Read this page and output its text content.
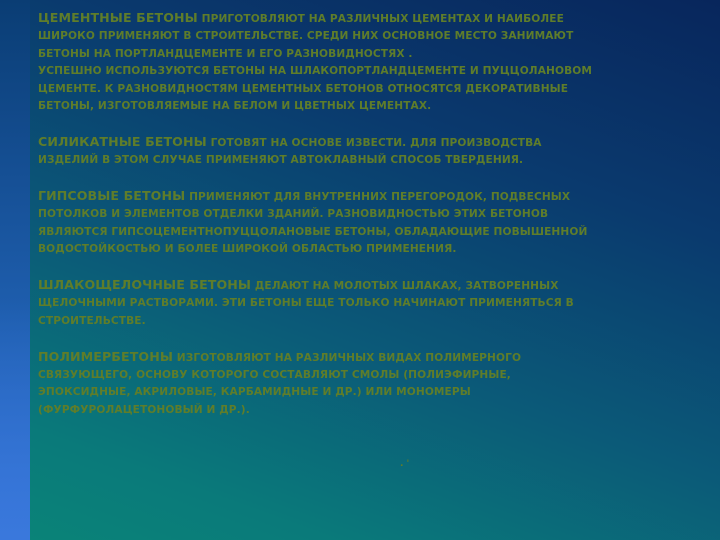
ЦЕМЕНТНЫЕ БЕТОНЫ ПРИГОТОВЛЯЮТ НА РАЗЛИЧНЫХ ЦЕМЕНТАХ И НАИБОЛЕЕ ШИРОКО ПРИМЕНЯЮТ В СТРОИТЕЛЬСТВЕ. СРЕДИ НИХ ОСНОВНОЕ МЕСТО ЗАНИМАЮТ БЕТОНЫ НА ПОРТЛАНДЦЕМЕНТЕ И ЕГО РАЗНОВИДНОСТЯХ .

УСПЕШНО ИСПОЛЬЗУЮТСЯ БЕТОНЫ НА ШЛАКОПОРТЛАНДЦЕМЕНТЕ И ПУЦЦОЛАНОВОМ ЦЕМЕНТЕ. К РАЗНОВИДНОСТЯМ ЦЕМЕНТНЫХ БЕТОНОВ ОТНОСЯТСЯ ДЕКОРАТИВНЫЕ БЕТОНЫ, ИЗГОТОВЛЯЕМЫЕ НА БЕЛОМ И ЦВЕТНЫХ ЦЕМЕНТАХ.

СИЛИКАТНЫЕ БЕТОНЫ ГОТОВЯТ НА ОСНОВЕ ИЗВЕСТИ. ДЛЯ ПРОИЗВОДСТВА ИЗДЕЛИЙ В ЭТОМ СЛУЧАЕ ПРИМЕНЯЮТ АВТОКЛАВНЫЙ СПОСОБ ТВЕРДЕНИЯ.

ГИПСОВЫЕ БЕТОНЫ ПРИМЕНЯЮТ ДЛЯ ВНУТРЕННИХ ПЕРЕГОРОДОК, ПОДВЕСНЫХ ПОТОЛКОВ И ЭЛЕМЕНТОВ ОТДЕЛКИ ЗДАНИЙ. РАЗНОВИДНОСТЬЮ ЭТИХ БЕТОНОВ ЯВЛЯЮТСЯ ГИПСОЦЕМЕНТНОПУЦЦОЛАНОВЫЕ БЕТОНЫ, ОБЛАДАЮЩИЕ ПОВЫШЕННОЙ ВОДОСТОЙКОСТЬЮ И БОЛЕЕ ШИРОКОЙ ОБЛАСТЬЮ ПРИМЕНЕНИЯ.

ШЛАКОЩЕЛОЧНЫЕ БЕТОНЫ ДЕЛАЮТ НА МОЛОТЫХ ШЛАКАХ, ЗАТВОРЕННЫХ ЩЕЛОЧНЫМИ РАСТВОРАМИ. ЭТИ БЕТОНЫ ЕЩЕ ТОЛЬКО НАЧИНАЮТ ПРИМЕНЯТЬСЯ В СТРОИТЕЛЬСТВЕ.

ПОЛИМЕРБЕТОНЫ ИЗГОТОВЛЯЮТ НА РАЗЛИЧНЫХ ВИДАХ ПОЛИМЕРНОГО СВЯЗУЮЩЕГО, ОСНОВУ КОТОРОГО СОСТАВЛЯЮТ СМОЛЫ (ПОЛИЭФИРНЫЕ, ЭПОКСИДНЫЕ, АКРИЛОВЫЕ, КАРБАМИДНЫЕ И ДР.) ИЛИ МОНОМЕРЫ (ФУРФУРОЛАЦЕТОНОВЫЙ И ДР.).

. '
